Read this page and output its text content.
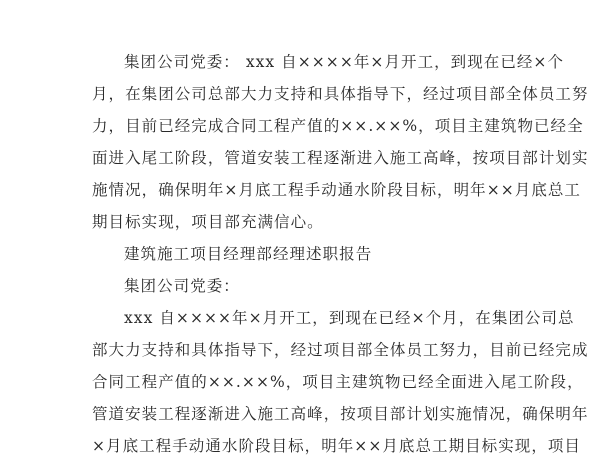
集团公司党委： xxx 自××××年×月开工，到现在已经×个
月，在集团公司总部大力支持和具体指导下，经过项目部全体员工努
力，目前已经完成合同工程产值的××.××%，项目主建筑物已经全
面进入尾工阶段，管道安装工程逐渐进入施工高峰，按项目部计划实
施情况，确保明年×月底工程手动通水阶段目标，明年××月底总工
期目标实现，项目部充满信心。
建筑施工项目经理部经理述职报告
集团公司党委：
xxx 自××××年×月开工，到现在已经×个月，在集团公司总
部大力支持和具体指导下，经过项目部全体员工努力，目前已经完成
合同工程产值的××.××%，项目主建筑物已经全面进入尾工阶段，
管道安装工程逐渐进入施工高峰，按项目部计划实施情况，确保明年
×月底工程手动通水阶段目标，明年××月底总工期目标实现，项目
